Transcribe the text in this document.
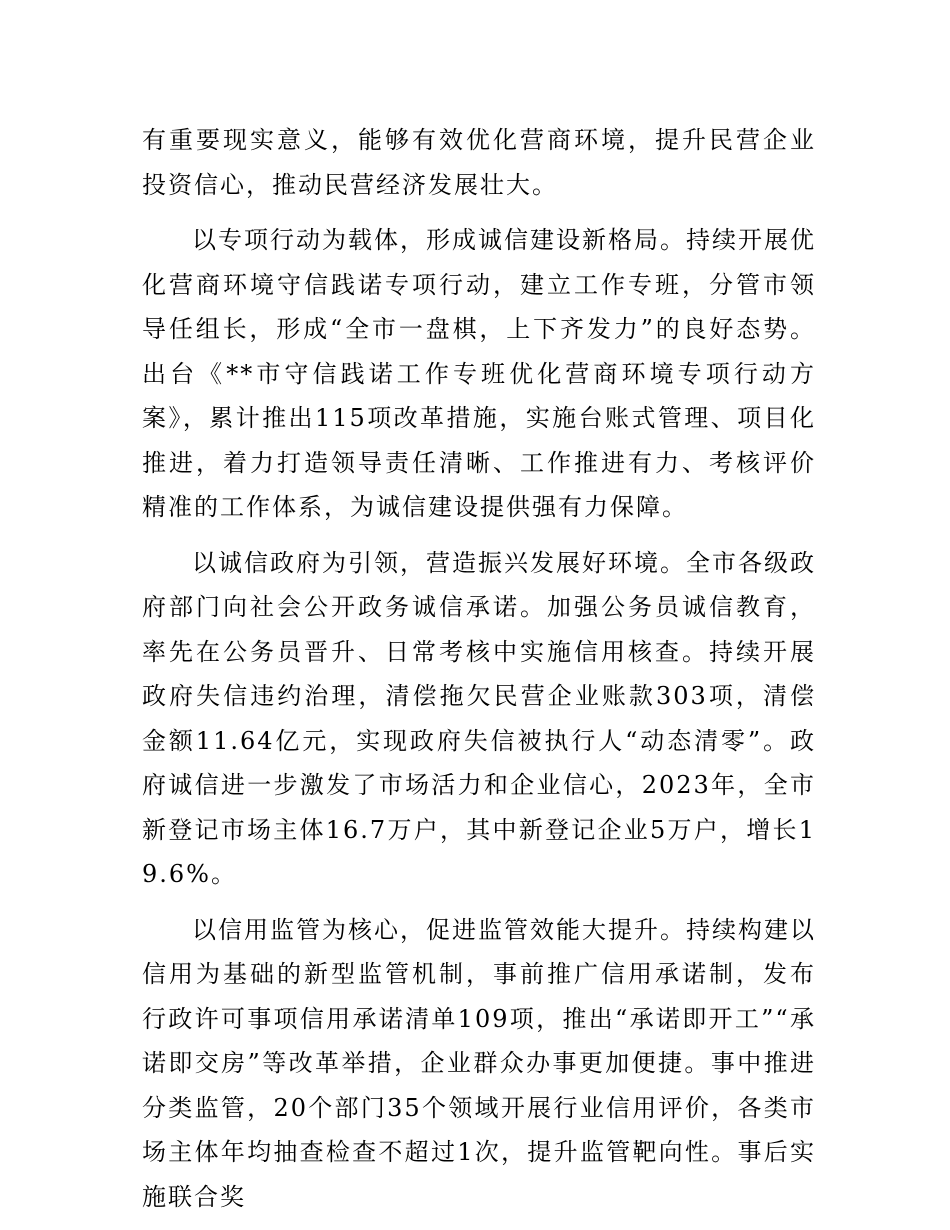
有重要现实意义，能够有效优化营商环境，提升民营企业投资信心，推动民营经济发展壮大。

以专项行动为载体，形成诚信建设新格局。持续开展优化营商环境守信践诺专项行动，建立工作专班，分管市领导任组长，形成“全市一盘棋，上下齐发力”的良好态势。出台《**市守信践诺工作专班优化营商环境专项行动方案》，累计推出115项改革措施，实施台账式管理、项目化推进，着力打造领导责任清晰、工作推进有力、考核评价精准的工作体系，为诚信建设提供强有力保障。

以诚信政府为引领，营造振兴发展好环境。全市各级政府部门向社会公开政务诚信承诺。加强公务员诚信教育，率先在公务员晋升、日常考核中实施信用核查。持续开展政府失信违约治理，清偿拖欠民营企业账款303项，清偿金额11.64亿元，实现政府失信被执行人“动态清零”。政府诚信进一步激发了市场活力和企业信心，2023年，全市新登记市场主体16.7万户，其中新登记企业5万户，增长19.6%。

以信用监管为核心，促进监管效能大提升。持续构建以信用为基础的新型监管机制，事前推广信用承诺制，发布行政许可事项信用承诺清单109项，推出“承诺即开工”“承诺即交房”等改革举措，企业群众办事更加便捷。事中推进分类监管，20个部门35个领域开展行业信用评价，各类市场主体年均抽查检查不超过1次，提升监管靶向性。事后实施联合奖
